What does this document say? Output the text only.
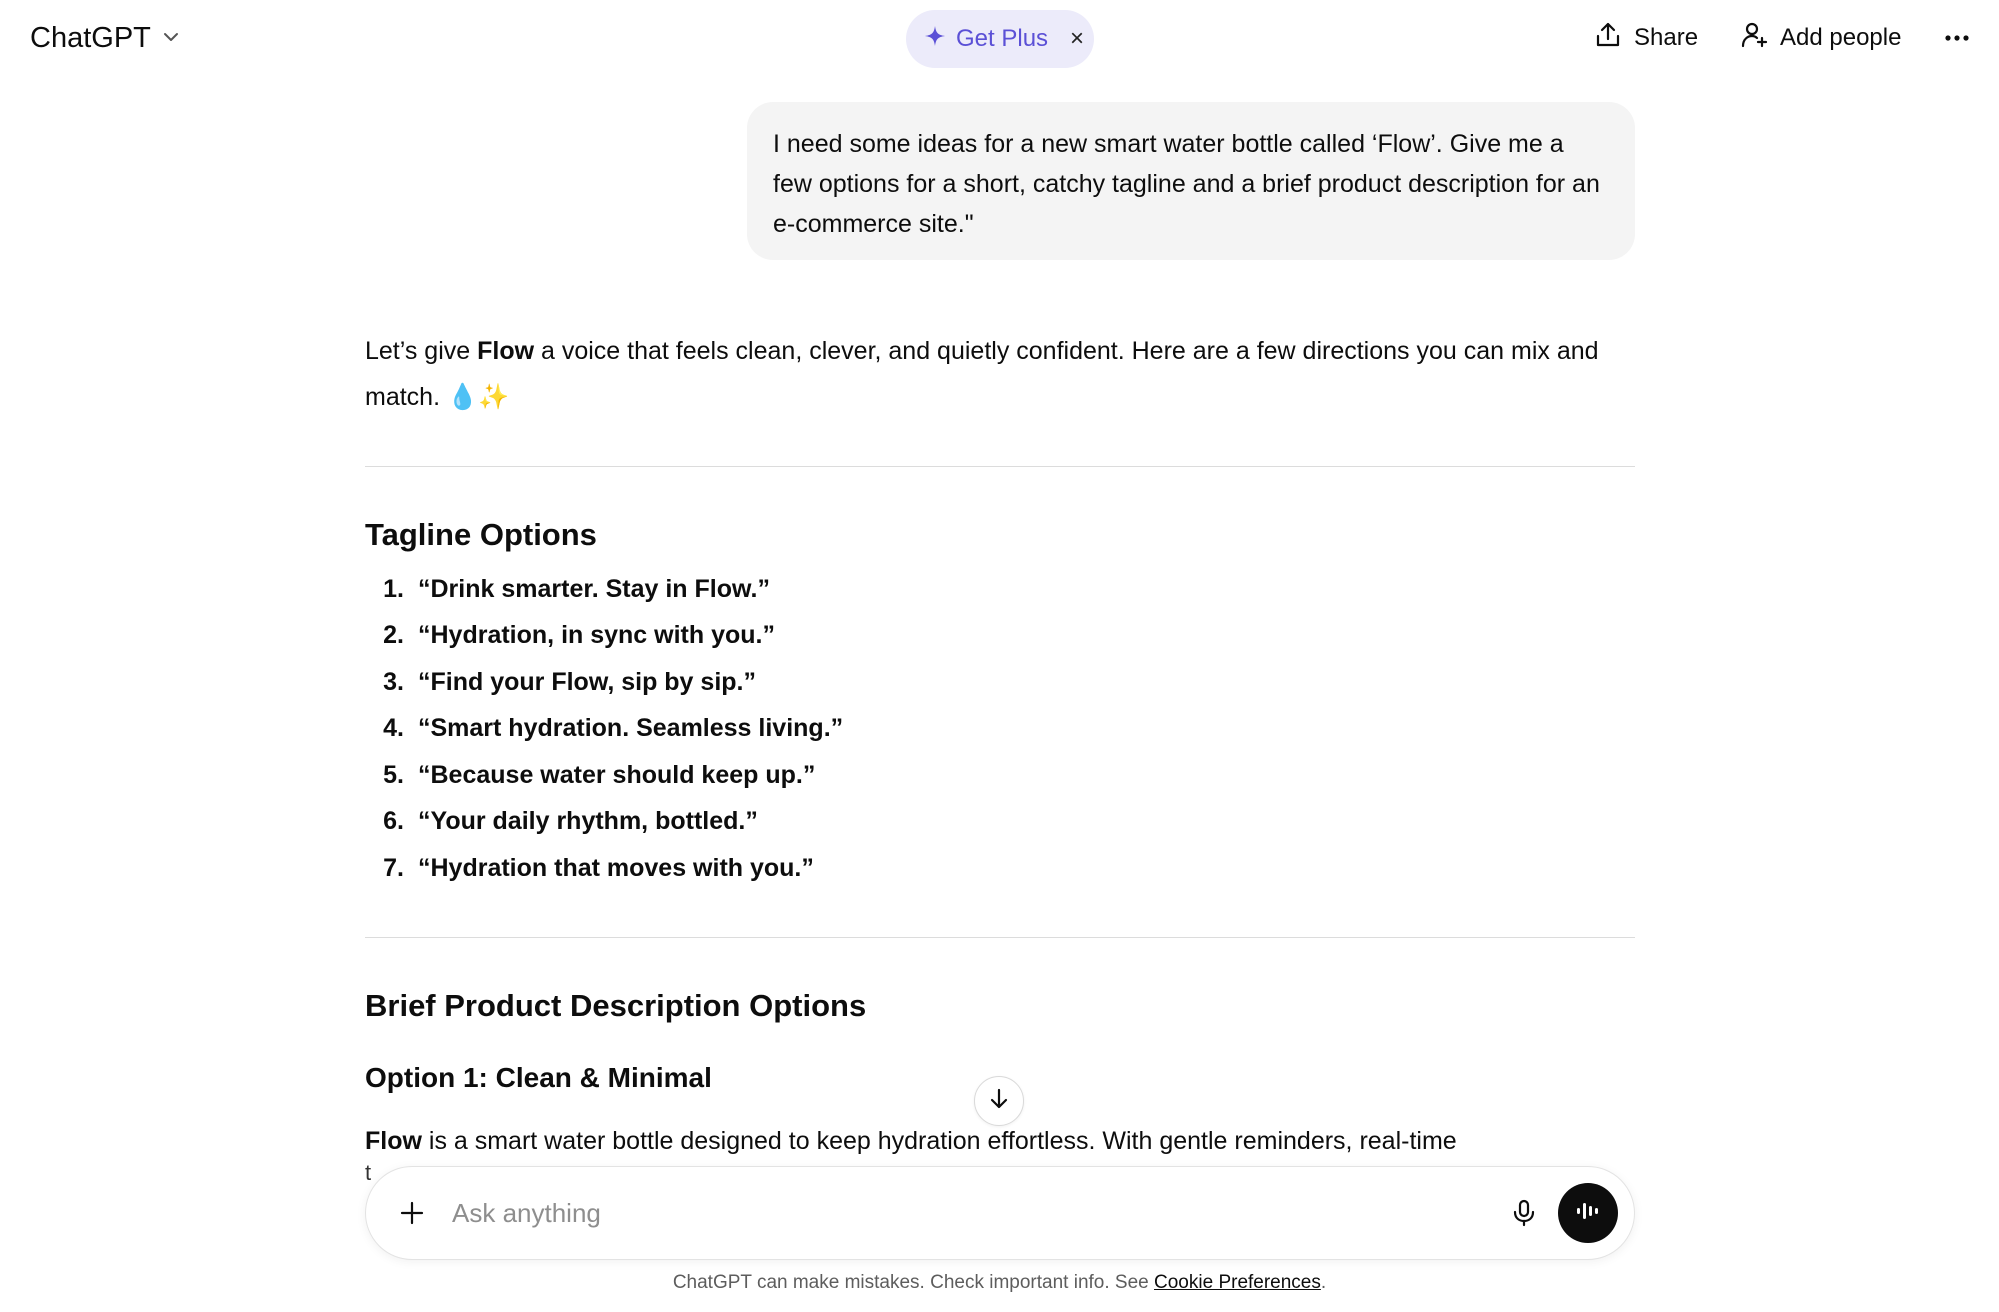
ChatGPT	Get Plus ×	Share	Add people
I need some ideas for a new smart water bottle called ‘Flow’. Give me a few options for a short, catchy tagline and a brief product description for an e-commerce site."
Let’s give Flow a voice that feels clean, clever, and quietly confident. Here are a few directions you can mix and match. 💧✨
Tagline Options
1. “Drink smarter. Stay in Flow.”
2. “Hydration, in sync with you.”
3. “Find your Flow, sip by sip.”
4. “Smart hydration. Seamless living.”
5. “Because water should keep up.”
6. “Your daily rhythm, bottled.”
7. “Hydration that moves with you.”
Brief Product Description Options
Option 1: Clean & Minimal
Flow is a smart water bottle designed to keep hydration effortless. With gentle reminders, real-time
t
Ask anything
ChatGPT can make mistakes. Check important info. See Cookie Preferences.
